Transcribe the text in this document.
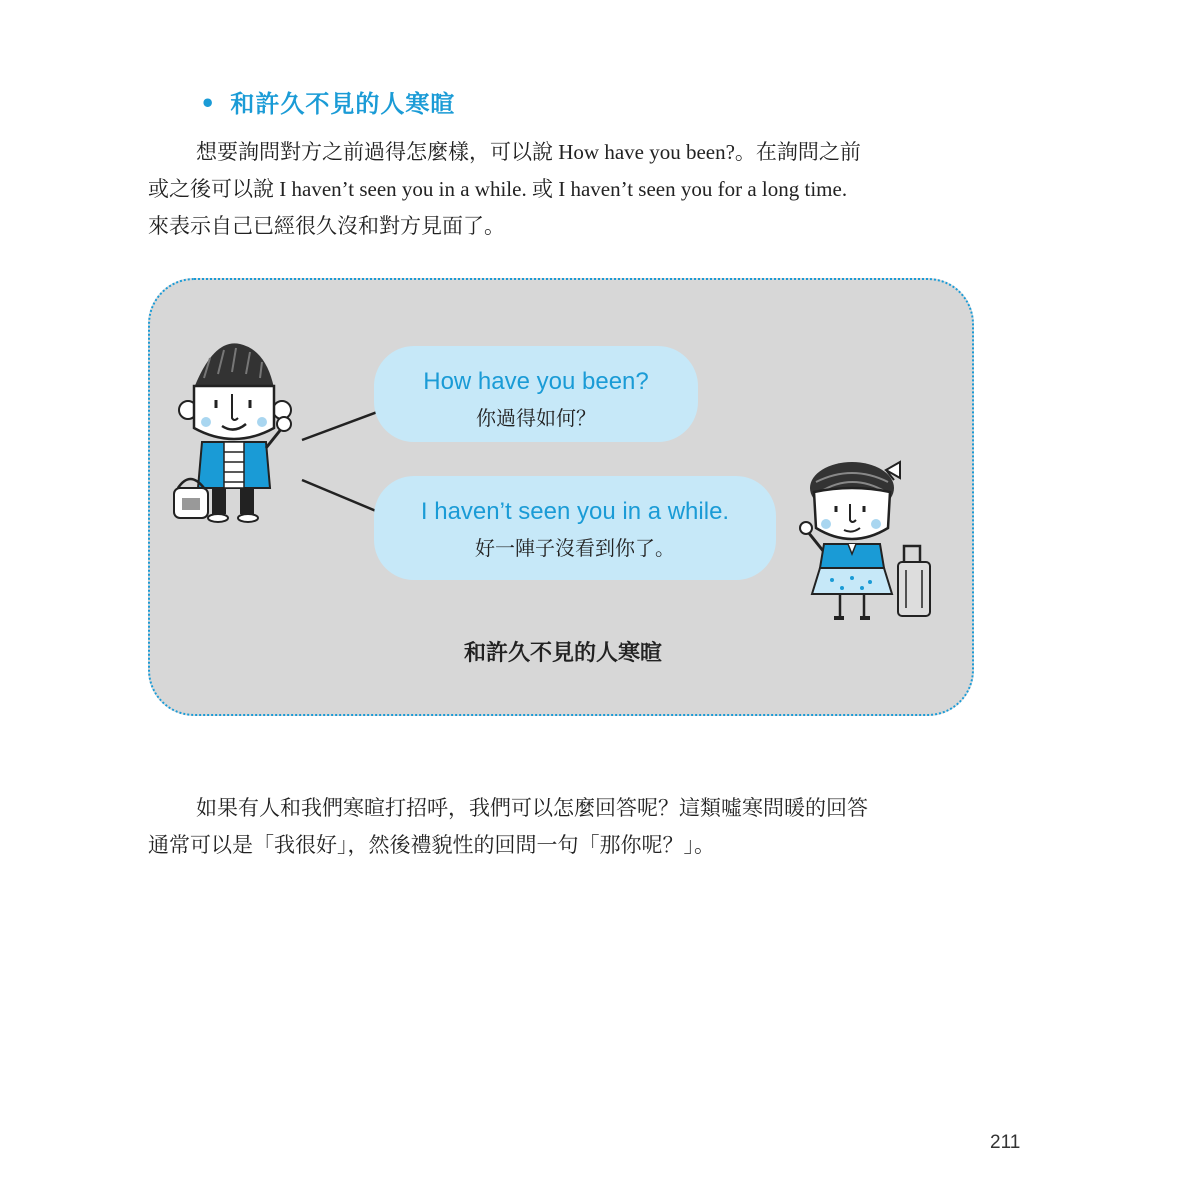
• 和許久不見的人寒暄
想要詢問對方之前過得怎麼樣，可以說 How have you been?。在詢問之前
或之後可以說 I haven’t seen you in a while. 或 I haven’t seen you for a long time.
來表示自己已經很久沒和對方見面了。
How have you been?
你過得如何？
I haven’t seen you in a while.
好一陣子沒看到你了。
和許久不見的人寒暄
如果有人和我們寒暄打招呼，我們可以怎麼回答呢？這類噓寒問暖的回答
通常可以是「我很好」，然後禮貌性的回問一句「那你呢？」。
211
